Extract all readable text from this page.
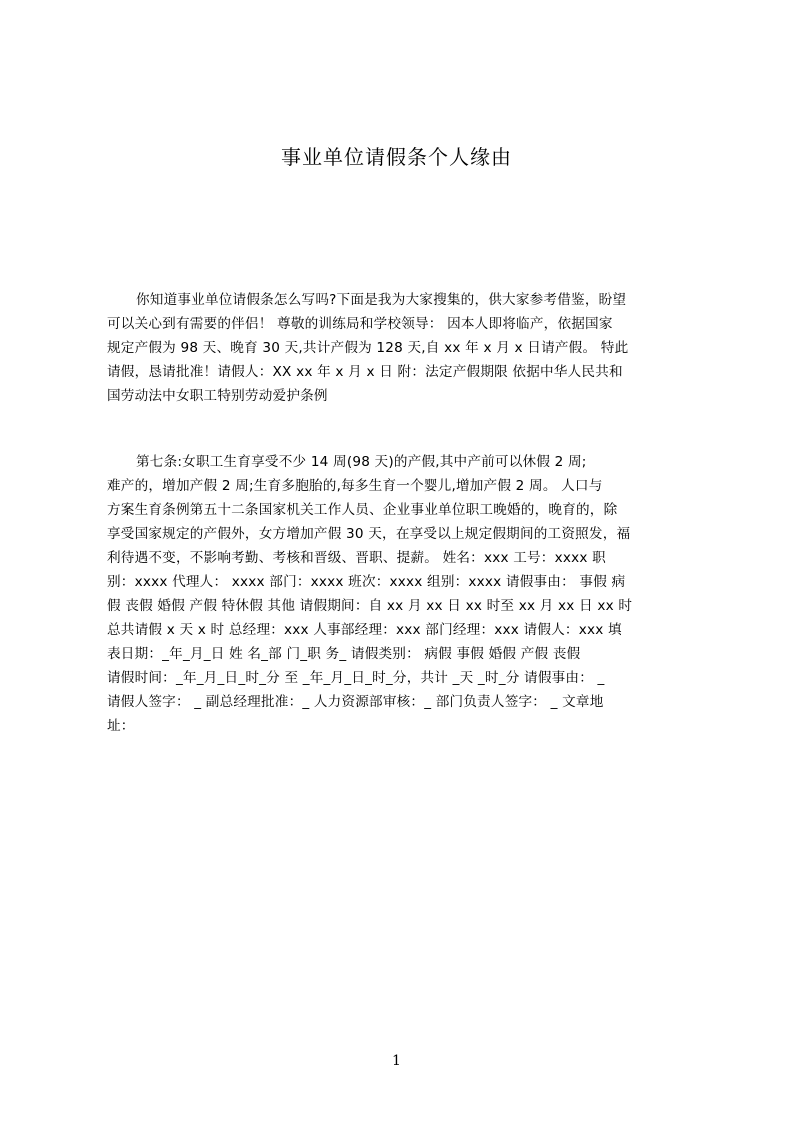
事业单位请假条个人缘由
你知道事业单位请假条怎么写吗?下面是我为大家搜集的，供大家参考借鉴，盼望
可以关心到有需要的伴侣！ 尊敬的训练局和学校领导： 因本人即将临产，依据国家
规定产假为 98 天、晚育 30 天,共计产假为 128 天,自 xx 年 x 月 x 日请产假。 特此
请假，恳请批准！请假人：XX xx 年 x 月 x 日 附：法定产假期限 依据中华人民共和
国劳动法中女职工特别劳动爱护条例
第七条:女职工生育享受不少 14 周(98 天)的产假,其中产前可以休假 2 周;
难产的，增加产假 2 周;生育多胞胎的,每多生育一个婴儿,增加产假 2 周。 人口与
方案生育条例第五十二条国家机关工作人员、企业事业单位职工晚婚的，晚育的，除
享受国家规定的产假外，女方增加产假 30 天，在享受以上规定假期间的工资照发，福
利待遇不变，不影响考勤、考核和晋级、晋职、提薪。 姓名：xxx 工号：xxxx 职
别：xxxx 代理人： xxxx 部门：xxxx 班次：xxxx 组别：xxxx 请假事由： 事假 病
假 丧假 婚假 产假 特休假 其他 请假期间：自 xx 月 xx 日 xx 时至 xx 月 xx 日 xx 时
总共请假 x 天 x 时 总经理：xxx 人事部经理：xxx 部门经理：xxx 请假人：xxx 填
表日期：_年_月_日 姓 名_部 门_职 务_ 请假类别： 病假 事假 婚假 产假 丧假
请假时间：_年_月_日_时_分 至 _年_月_日_时_分，共计 _天 _时_分 请假事由： _
请假人签字： _ 副总经理批准：_ 人力资源部审核：_ 部门负责人签字： _ 文章地
址：
1
